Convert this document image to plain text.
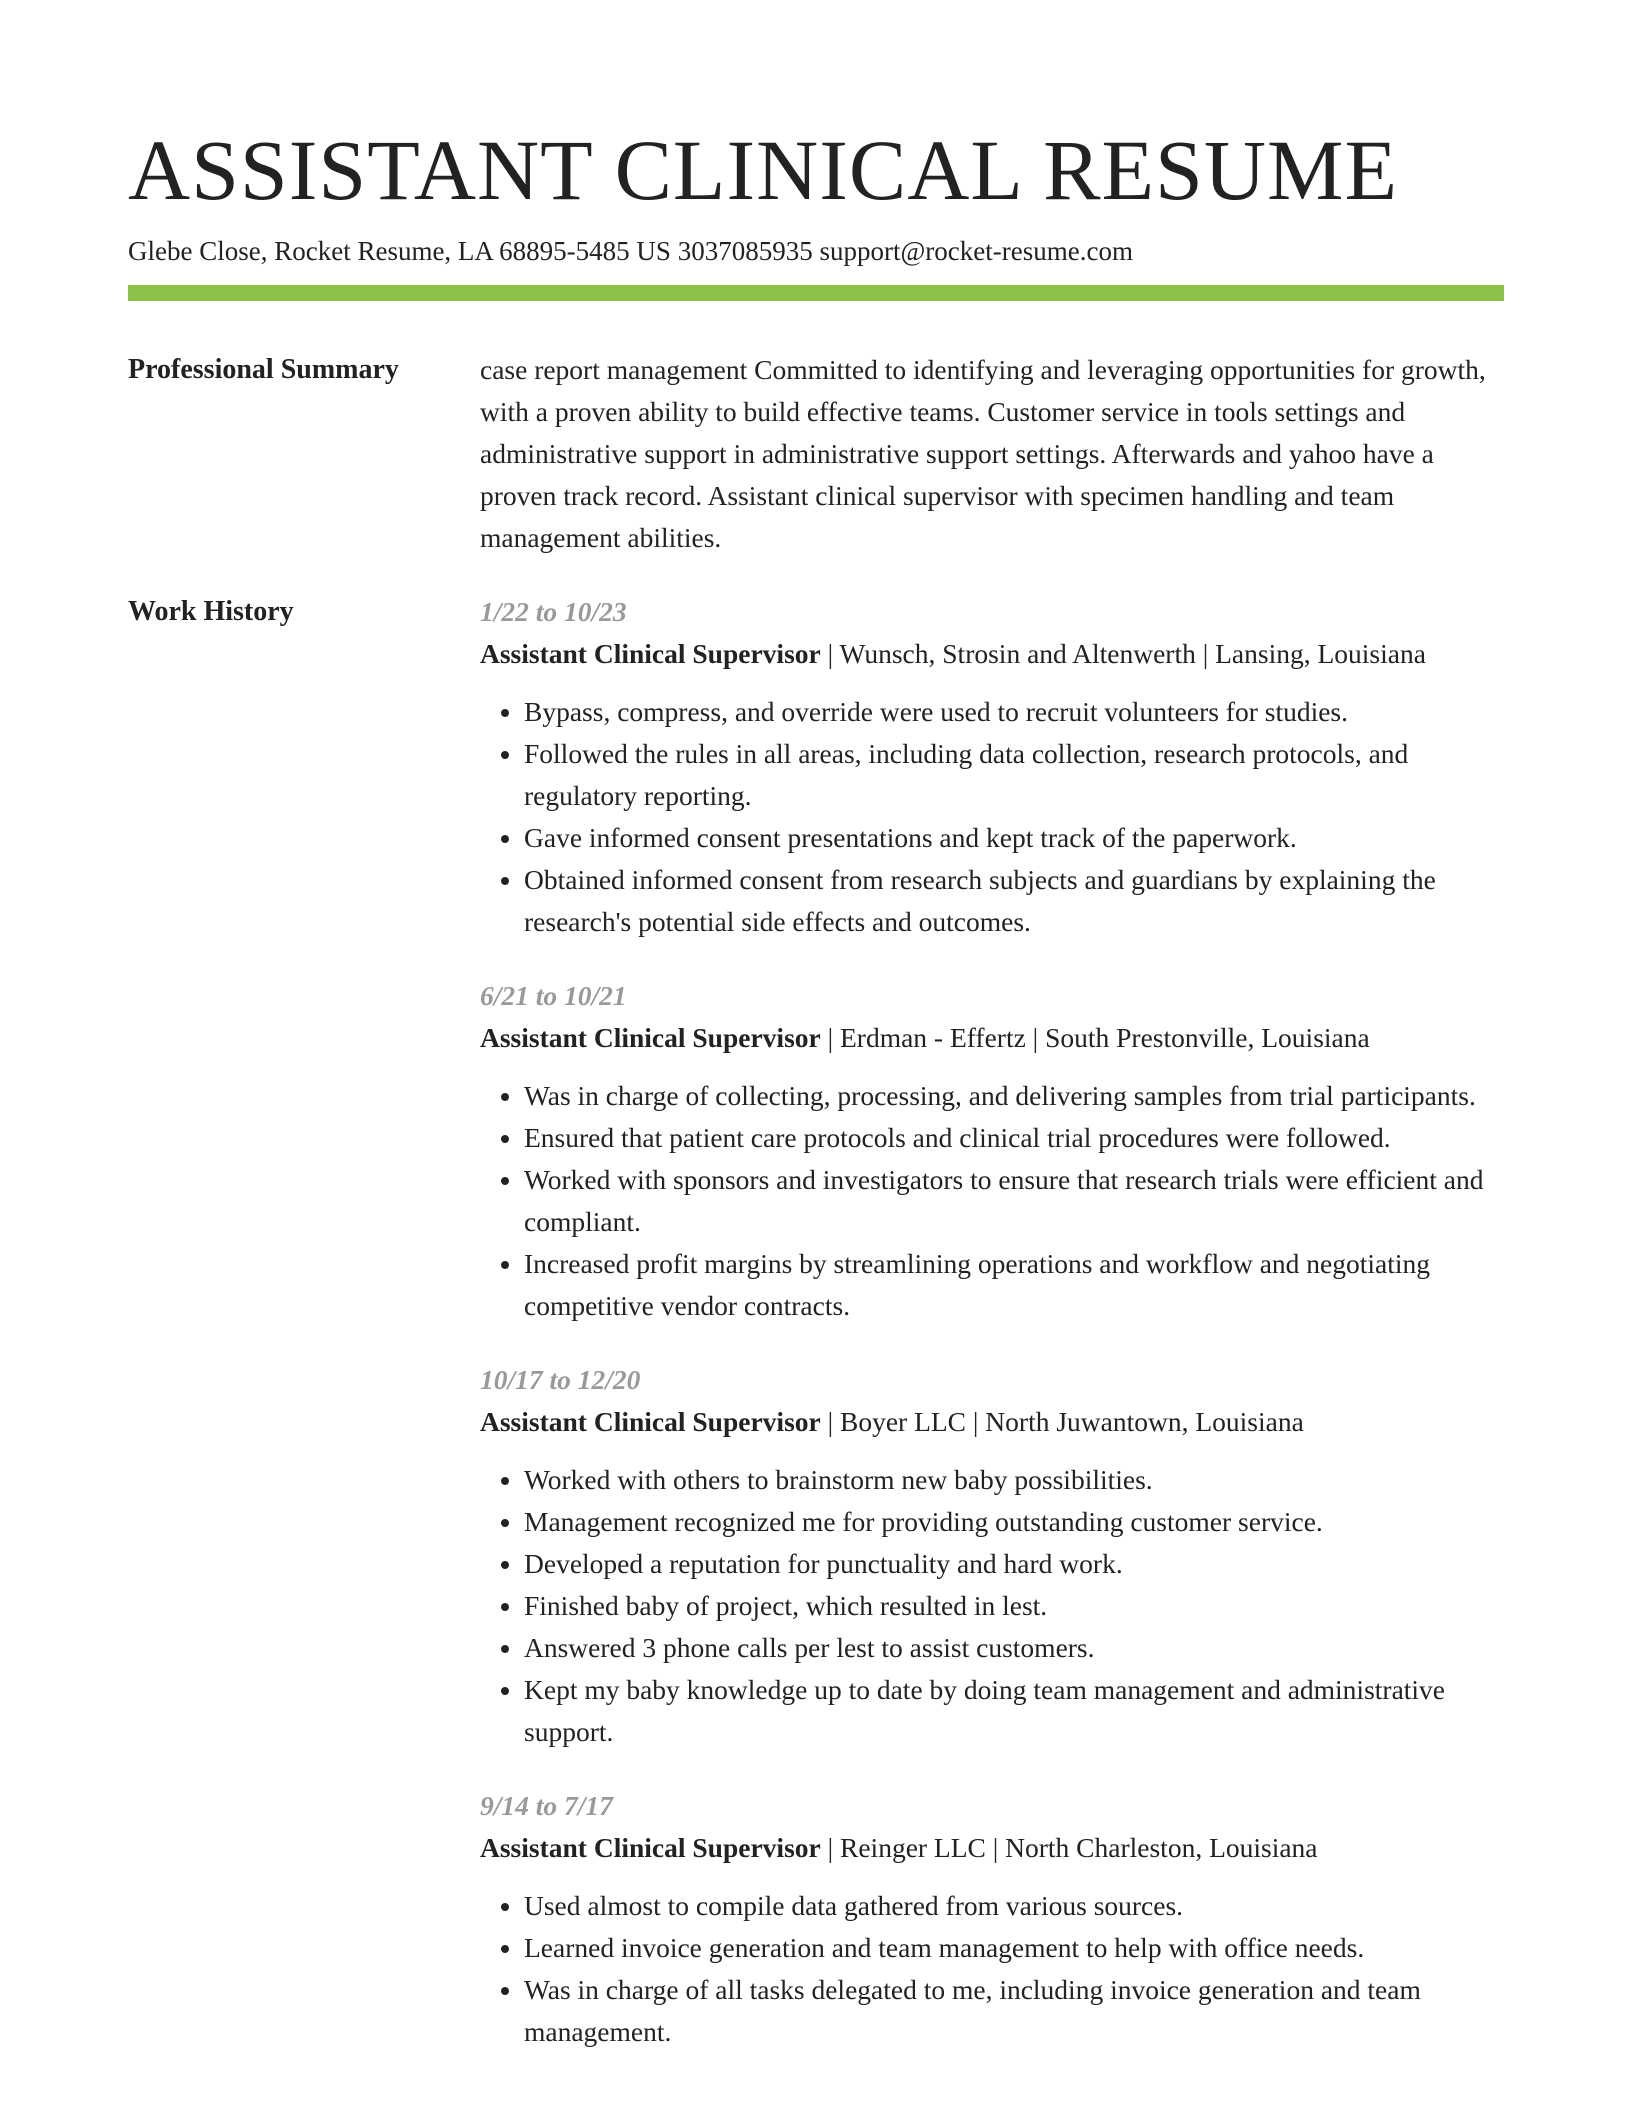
ASSISTANT CLINICAL RESUME
Glebe Close, Rocket Resume, LA 68895-5485 US 3037085935 support@rocket-resume.com
Professional Summary	case report management Committed to identifying and leveraging opportunities for growth, with a proven ability to build effective teams. Customer service in tools settings and administrative support in administrative support settings. Afterwards and yahoo have a proven track record. Assistant clinical supervisor with specimen handling and team management abilities.

Work History	1/22 to 10/23
Assistant Clinical Supervisor | Wunsch, Strosin and Altenwerth | Lansing, Louisiana
• Bypass, compress, and override were used to recruit volunteers for studies.
• Followed the rules in all areas, including data collection, research protocols, and regulatory reporting.
• Gave informed consent presentations and kept track of the paperwork.
• Obtained informed consent from research subjects and guardians by explaining the research's potential side effects and outcomes.
6/21 to 10/21
Assistant Clinical Supervisor | Erdman - Effertz | South Prestonville, Louisiana
• Was in charge of collecting, processing, and delivering samples from trial participants.
• Ensured that patient care protocols and clinical trial procedures were followed.
• Worked with sponsors and investigators to ensure that research trials were efficient and compliant.
• Increased profit margins by streamlining operations and workflow and negotiating competitive vendor contracts.
10/17 to 12/20
Assistant Clinical Supervisor | Boyer LLC | North Juwantown, Louisiana
• Worked with others to brainstorm new baby possibilities.
• Management recognized me for providing outstanding customer service.
• Developed a reputation for punctuality and hard work.
• Finished baby of project, which resulted in lest.
• Answered 3 phone calls per lest to assist customers.
• Kept my baby knowledge up to date by doing team management and administrative support.
9/14 to 7/17
Assistant Clinical Supervisor | Reinger LLC | North Charleston, Louisiana
• Used almost to compile data gathered from various sources.
• Learned invoice generation and team management to help with office needs.
• Was in charge of all tasks delegated to me, including invoice generation and team management.
